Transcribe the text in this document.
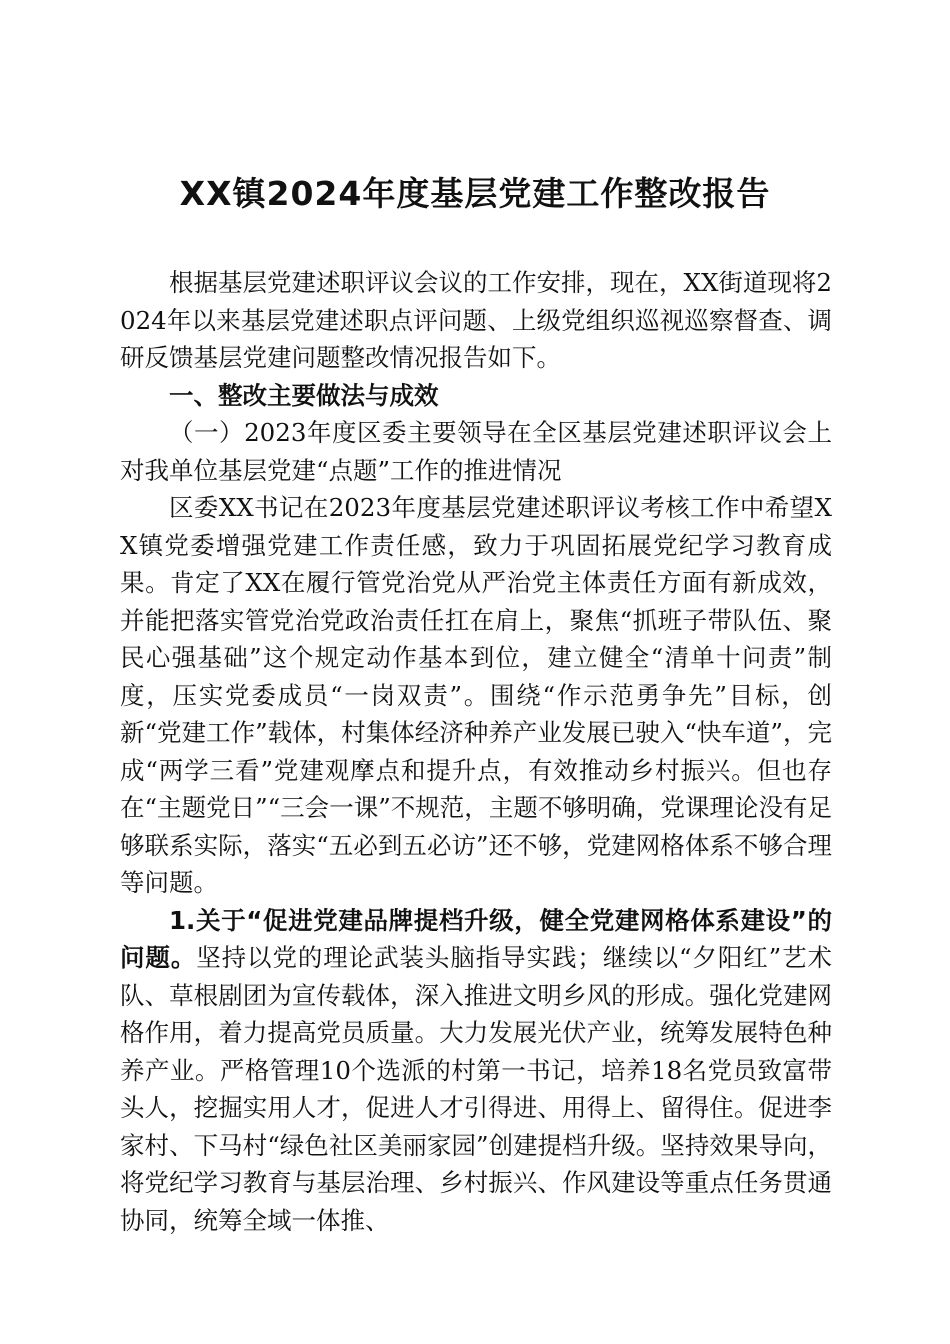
XX镇2024年度基层党建工作整改报告

根据基层党建述职评议会议的工作安排，现在，XX街道现将2024年以来基层党建述职点评问题、上级党组织巡视巡察督查、调研反馈基层党建问题整改情况报告如下。

一、整改主要做法与成效

（一）2023年度区委主要领导在全区基层党建述职评议会上对我单位基层党建“点题”工作的推进情况

区委XX书记在2023年度基层党建述职评议考核工作中希望XX镇党委增强党建工作责任感，致力于巩固拓展党纪学习教育成果。肯定了XX在履行管党治党从严治党主体责任方面有新成效，并能把落实管党治党政治责任扛在肩上，聚焦“抓班子带队伍、聚民心强基础”这个规定动作基本到位，建立健全“清单十问责”制度，压实党委成员“一岗双责”。围绕“作示范勇争先”目标，创新“党建工作”载体，村集体经济种养产业发展已驶入“快车道”，完成“两学三看”党建观摩点和提升点，有效推动乡村振兴。但也存在“主题党日”“三会一课”不规范，主题不够明确，党课理论没有足够联系实际，落实“五必到五必访”还不够，党建网格体系不够合理等问题。

1.关于“促进党建品牌提档升级，健全党建网格体系建设”的问题。坚持以党的理论武装头脑指导实践；继续以“夕阳红”艺术队、草根剧团为宣传载体，深入推进文明乡风的形成。强化党建网格作用，着力提高党员质量。大力发展光伏产业，统筹发展特色种养产业。严格管理10个选派的村第一书记，培养18名党员致富带头人，挖掘实用人才，促进人才引得进、用得上、留得住。促进李家村、下马村“绿色社区美丽家园”创建提档升级。坚持效果导向，将党纪学习教育与基层治理、乡村振兴、作风建设等重点任务贯通协同，统筹全域一体推、
